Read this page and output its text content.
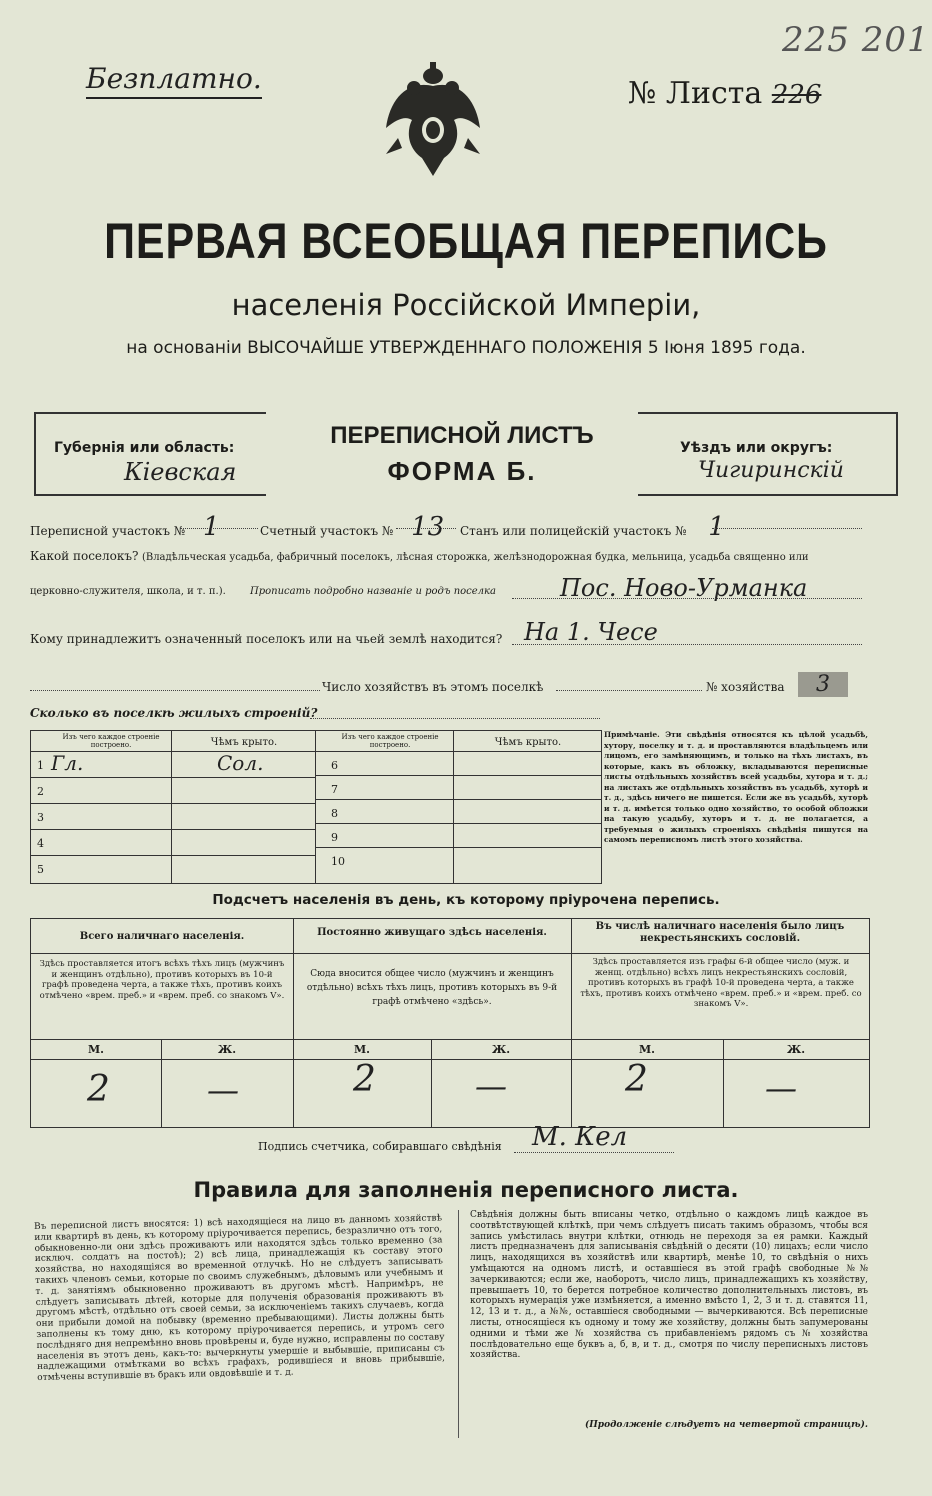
Безплатно.	№ Листа 226
225 201
ПЕРВАЯ ВСЕОБЩАЯ ПЕРЕПИСЬ
населенія Россійской Имперіи,
на основаніи ВЫСОЧАЙШЕ УТВЕРЖДЕННАГО ПОЛОЖЕНІЯ 5 Іюня 1895 года.
Губернія или область:
Кіевская
ПЕРЕПИСНОЙ ЛИСТЪ
ФОРМА Б.
Уѣздъ или округъ:
Чигиринскій
Переписной участокъ № 1	Счетный участокъ № 13 Станъ или полицейскій участокъ № 1
Какой поселокъ? (Владѣльческая усадьба, фабричный поселокъ, лѣсная сторожка, желѣзнодорожная будка, мельница, усадьба священно или
церковно-служителя, школа, и т. п.). Прописать подробно названіе и родъ поселка	Пос. Ново-Урманка
Кому принадлежитъ означенный поселокъ или на чьей землѣ находится? На 1. Чесе
Число хозяйствъ въ этомъ поселкѣ	№ хозяйства	3
Сколько въ поселкѣ жилыхъ строеній?
Изъ чего каждое строеніе построено.	Чѣмъ крыто.	Изъ чего каждое строеніе построено.	Чѣмъ крыто.
1 Гл.	Сол.
2
3
4
5
6
7
8
9
10
Примѣчаніе. Эти свѣдѣнія относятся къ цѣлой усадьбѣ, хутору, поселку и т. д. и проставляются владѣльцемъ или лицомъ, его замѣняющимъ, и только на тѣхъ листахъ, въ которые, какъ въ обложку, вкладываются переписные листы отдѣльныхъ хозяйствъ всей усадьбы, хутора и т. д.; на листахъ же отдѣльныхъ хозяйствъ въ усадьбѣ, хуторѣ и т. д., здѣсь ничего не пишется. Если же въ усадьбѣ, хуторѣ и т. д. имѣется только одно хозяйство, то особой обложки на такую усадьбу, хуторъ и т. д. не полагается, а требуемыя о жилыхъ строеніяхъ свѣдѣнія пишутся на самомъ переписномъ листѣ этого хозяйства.
Подсчетъ населенія въ день, къ которому пріурочена перепись.
Всего наличнаго населенія.
Здѣсь проставляется итогъ всѣхъ тѣхъ лицъ (мужчинъ и женщинъ отдѣльно), противъ которыхъ въ 10-й графѣ проведена черта, а также тѣхъ, противъ коихъ отмѣчено «врем. преб.» и «врем. преб. со знакомъ V».
Постоянно живущаго здѣсь населенія.
Сюда вносится общее число (мужчинъ и женщинъ отдѣльно) всѣхъ тѣхъ лицъ, противъ которыхъ въ 9-й графѣ отмѣчено «здѣсь».
Въ числѣ наличнаго населенія было лицъ некрестьянскихъ сословій.
Здѣсь проставляется изъ графы 6-й общее число (муж. и женщ. отдѣльно) всѣхъ лицъ некрестьянскихъ сословій, противъ которыхъ въ графѣ 10-й проведена черта, а также тѣхъ, противъ коихъ отмѣчено «врем. преб.» и «врем. преб. со знакомъ V».
М.	Ж.	М.	Ж.	М.	Ж.
2	—	2	—	2	—
Подпись счетчика, собиравшаго свѣдѣнія М. Кел
Правила для заполненія переписного листа.
Въ переписной листъ вносятся: 1) всѣ находящіеся на лицо въ данномъ хозяйствѣ или квартирѣ въ день, къ которому пріурочивается перепись, безразлично отъ того, обыкновенно-ли они здѣсь проживаютъ или находятся здѣсь только временно (за исключ. солдатъ на постоѣ); 2) всѣ лица, принадлежащія къ составу этого хозяйства, но находящіяся во временной отлучкѣ. Но не слѣдуетъ записывать такихъ членовъ семьи, которые по своимъ служебнымъ, дѣловымъ или учебнымъ и т. д. занятіямъ обыкновенно проживаютъ въ другомъ мѣстѣ. Напримѣръ, не слѣдуетъ записывать дѣтей, которые для полученія образованія проживаютъ въ другомъ мѣстѣ, отдѣльно отъ своей семьи, за исключеніемъ такихъ случаевъ, когда они прибыли домой на побывку (временно пребывающими). Листы должны быть заполнены къ тому дню, къ которому пріурочивается перепись, и утромъ сего послѣдняго дня непремѣнно вновь провѣрены и, буде нужно, исправлены по составу населенія въ этотъ день, какъ-то: вычеркнуты умершіе и выбывшіе, приписаны съ надлежащими отмѣтками во всѣхъ графахъ, родившіеся и вновь прибывшіе, отмѣчены вступившіе въ бракъ или овдовѣвшіе и т. д.
Свѣдѣнія должны быть вписаны четко, отдѣльно о каждомъ лицѣ каждое въ соотвѣтствующей клѣткѣ, при чемъ слѣдуетъ писать такимъ образомъ, чтобы вся запись умѣстилась внутри клѣтки, отнюдь не переходя за ея рамки. Каждый листъ предназначенъ для записыванія свѣдѣній о десяти (10) лицахъ; если число лицъ, находящихся въ хозяйствѣ или квартирѣ, менѣе 10, то свѣдѣнія о нихъ умѣщаются на одномъ листѣ, и оставшіеся въ этой графѣ свободные №№ зачеркиваются; если же, наоборотъ, число лицъ, принадлежащихъ къ хозяйству, превышаетъ 10, то берется потребное количество дополнительныхъ листовъ, въ которыхъ нумерація уже измѣняется, а именно вмѣсто 1, 2, 3 и т. д. ставятся 11, 12, 13 и т. д., а №№, оставшіеся свободными — вычеркиваются. Всѣ переписные листы, относящіеся къ одному и тому же хозяйству, должны быть запумерованы одними и тѣми же № хозяйства съ прибавленіемъ рядомъ съ № хозяйства послѣдовательно еще буквъ а, б, в, и т. д., смотря по числу переписныхъ листовъ хозяйства.
(Продолженіе слѣдуетъ на четвертой страницѣ).
